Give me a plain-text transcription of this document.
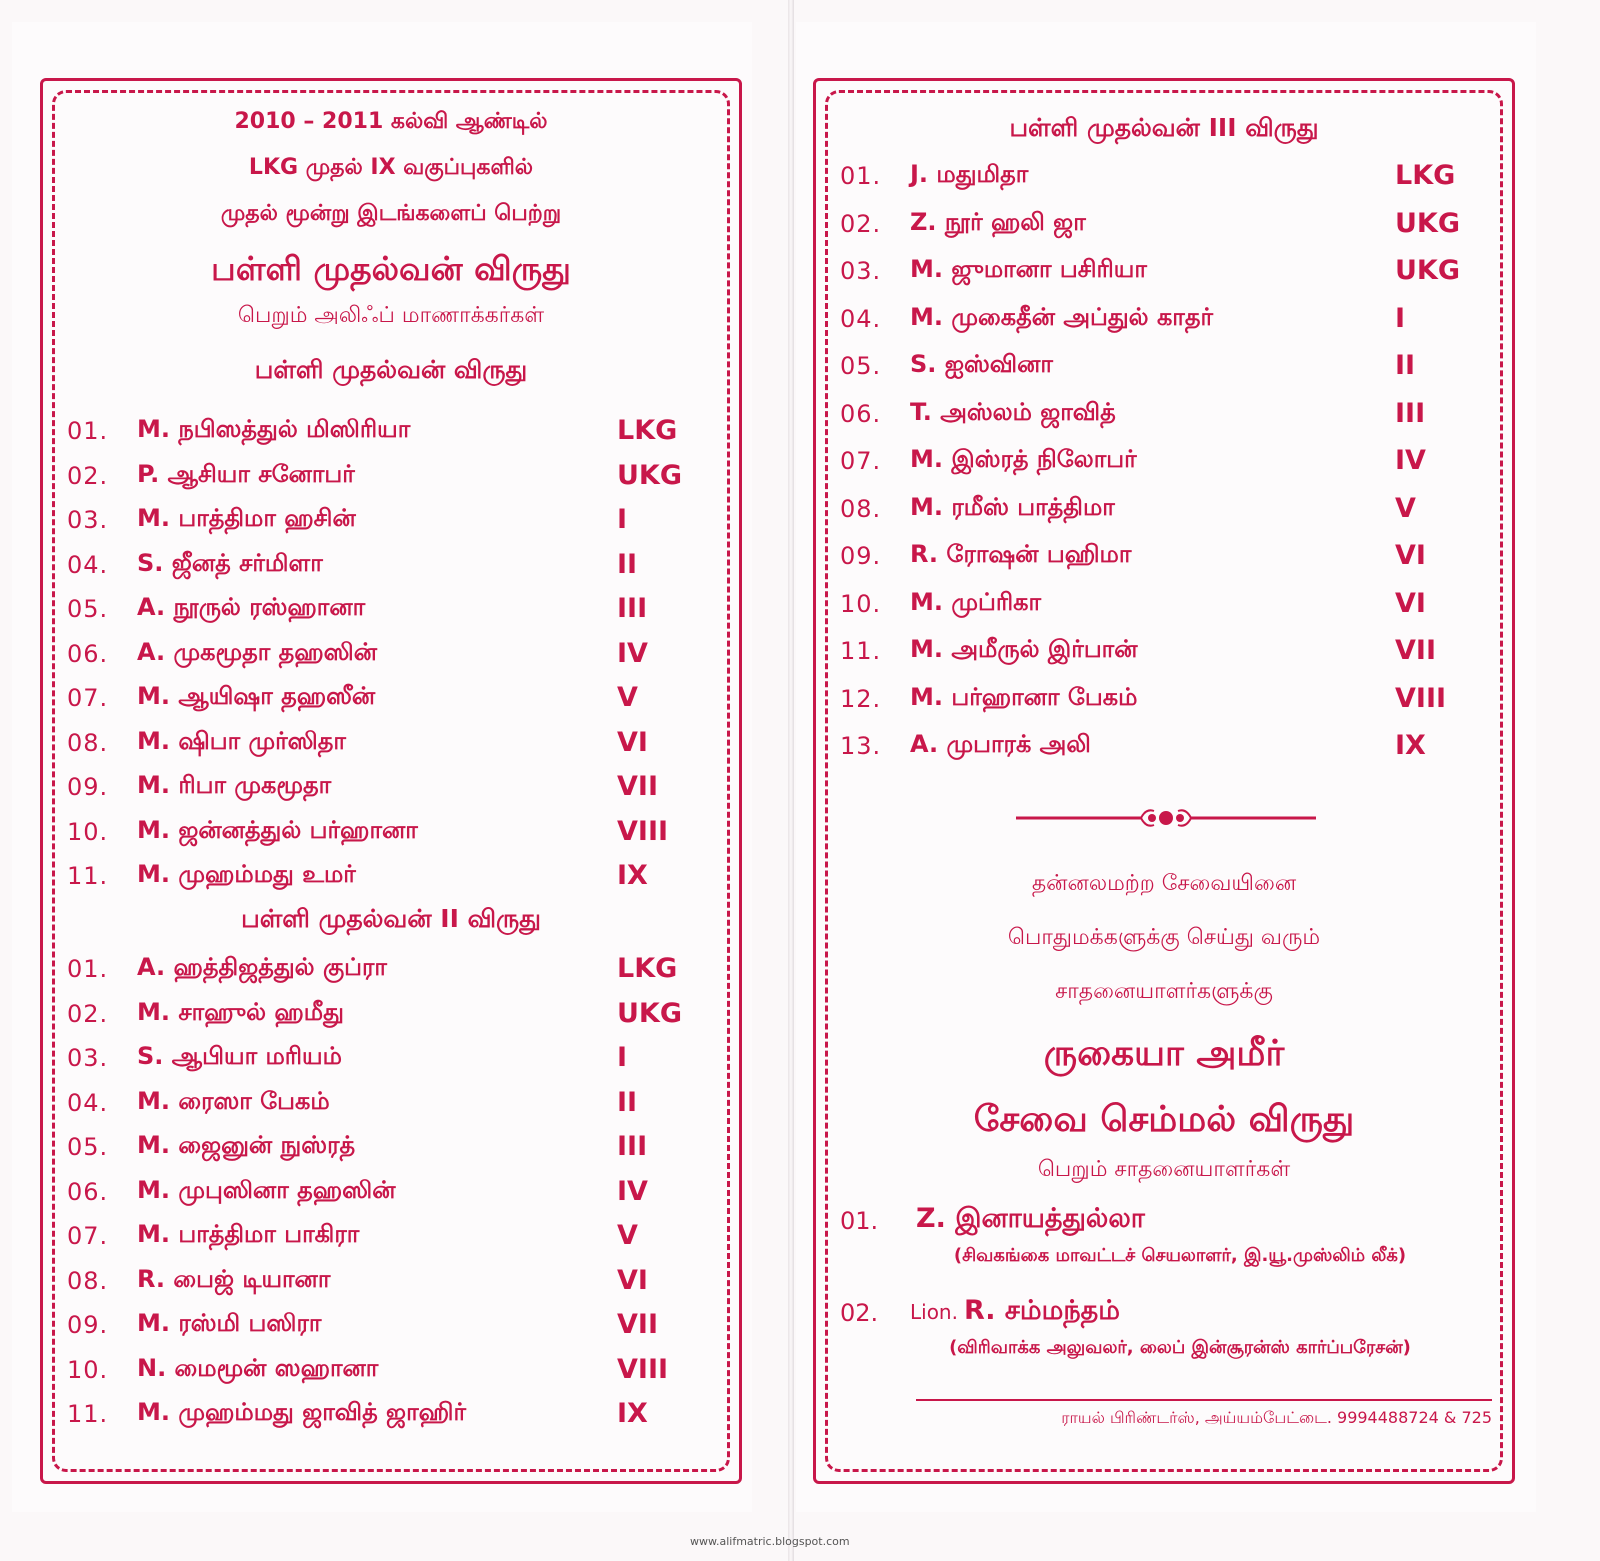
2010 – 2011 கல்வி ஆண்டில்
LKG முதல் IX வகுப்புகளில்
முதல் மூன்று இடங்களைப் பெற்று
பள்ளி முதல்வன் விருது
பெறும் அலிஃப் மாணாக்கர்கள்
பள்ளி முதல்வன் விருது
01.	M. நபிஸத்துல் மிஸிரியா	LKG
02.	P. ஆசியா சனோபர்	UKG
03.	M. பாத்திமா ஹசின்	I
04.	S. ஜீனத் சர்மிளா	II
05.	A. நூருல் ரஸ்ஹானா	III
06.	A. முகமூதா தஹஸின்	IV
07.	M. ஆயிஷா தஹஸீன்	V
08.	M. ஷிபா முர்ஸிதா	VI
09.	M. ரிபா முகமூதா	VII
10.	M. ஜன்னத்துல் பர்ஹானா	VIII
11.	M. முஹம்மது உமர்	IX
பள்ளி முதல்வன் II விருது
01.	A. ஹத்திஜத்துல் குப்ரா	LKG
02.	M. சாஹுல் ஹமீது	UKG
03.	S. ஆபியா மரியம்	I
04.	M. ரைஸா பேகம்	II
05.	M. ஜைனுன் நுஸ்ரத்	III
06.	M. முபுஸினா தஹஸின்	IV
07.	M. பாத்திமா பாகிரா	V
08.	R. பைஜ் டியானா	VI
09.	M. ரஸ்மி பஸிரா	VII
10.	N. மைமூன் ஸஹானா	VIII
11.	M. முஹம்மது ஜாவித் ஜாஹிர்	IX
பள்ளி முதல்வன் III விருது
01.	J. மதுமிதா	LKG
02.	Z. நூர் ஹலி ஜா	UKG
03.	M. ஜுமானா பசிரியா	UKG
04.	M. முகைதீன் அப்துல் காதர்	I
05.	S. ஐஸ்வினா	II
06.	T. அஸ்லம் ஜாவித்	III
07.	M. இஸ்ரத் நிலோபர்	IV
08.	M. ரமீஸ் பாத்திமா	V
09.	R. ரோஷன் பஹிமா	VI
10.	M. முப்ரிகா	VI
11.	M. அமீருல் இர்பான்	VII
12.	M. பர்ஹானா பேகம்	VIII
13.	A. முபாரக் அலி	IX
தன்னலமற்ற சேவையினை
பொதுமக்களுக்கு செய்து வரும்
சாதனையாளர்களுக்கு
ருகையா அமீர்
சேவை செம்மல் விருது
பெறும் சாதனையாளர்கள்
01. Z. இனாயத்துல்லா
(சிவகங்கை மாவட்டச் செயலாளர், இ.யூ.முஸ்லிம் லீக்)
02. Lion. R. சம்மந்தம்
(விரிவாக்க அலுவலர், லைப் இன்சூரன்ஸ் கார்ப்பரேசன்)
ராயல் பிரிண்டர்ஸ், அய்யம்பேட்டை. 9994488724 & 725
www.alifmatric.blogspot.com
